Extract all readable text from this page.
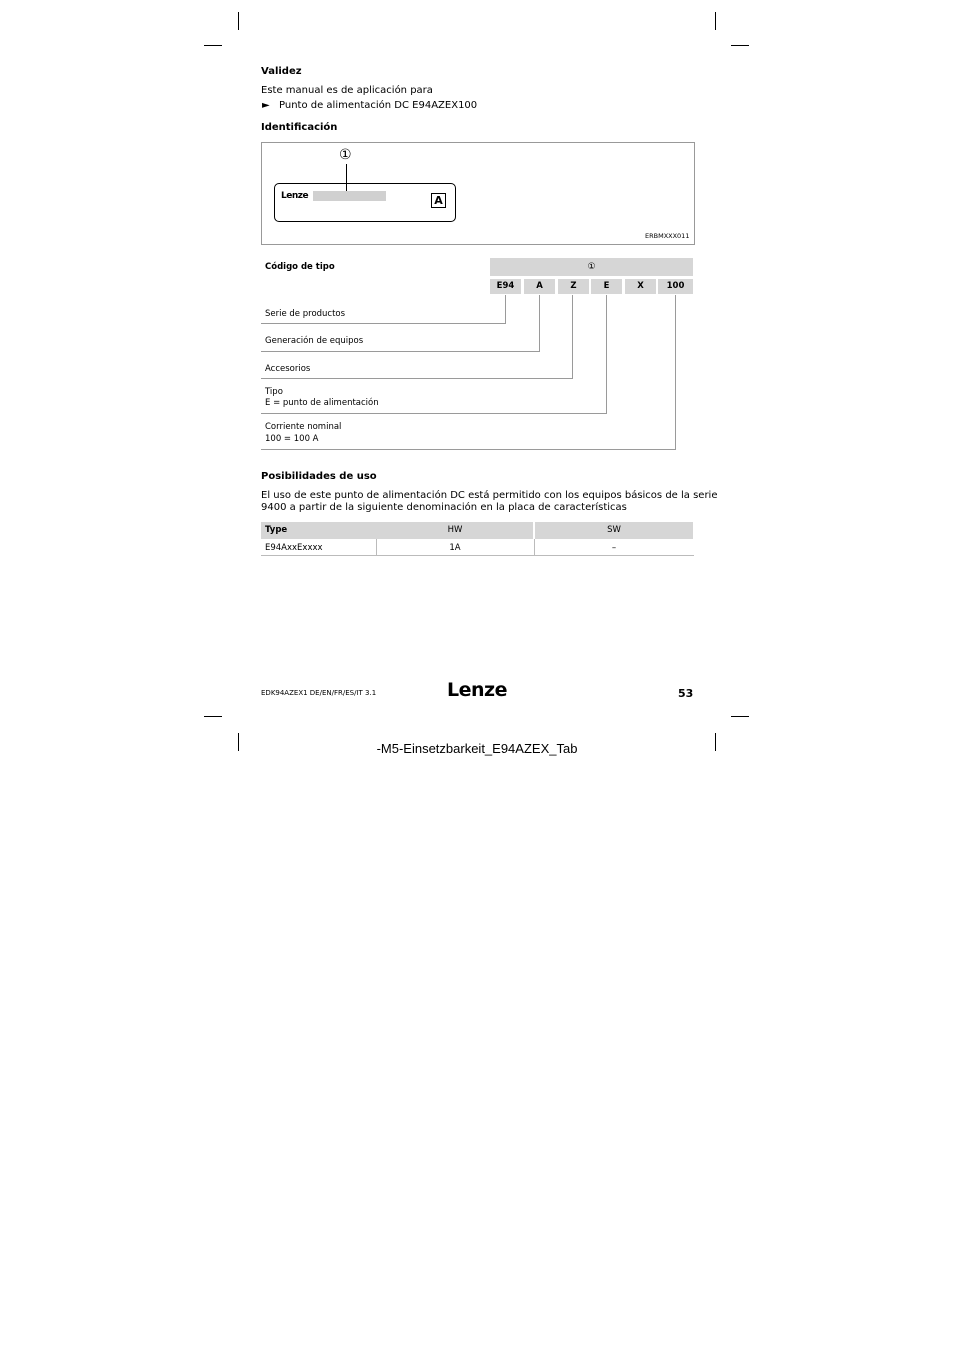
Validez
Este manual es de aplicación para
► Punto de alimentación DC E94AZEX100
Identificación
①
Lenze	A
ERBMXXX011
Código de tipo	①
E94	A	Z	E	X	100
Serie de productos
Generación de equipos
Accesorios
Tipo
E = punto de alimentación
Corriente nominal
100 = 100 A
Posibilidades de uso
El uso de este punto de alimentación DC está permitido con los equipos básicos de la serie
9400 a partir de la siguiente denominación en la placa de características
Type	HW	SW
E94AxxExxxx	1A	–
EDK94AZEX1 DE/EN/FR/ES/IT 3.1	Lenze	53
-M5-Einsetzbarkeit_E94AZEX_Tab
